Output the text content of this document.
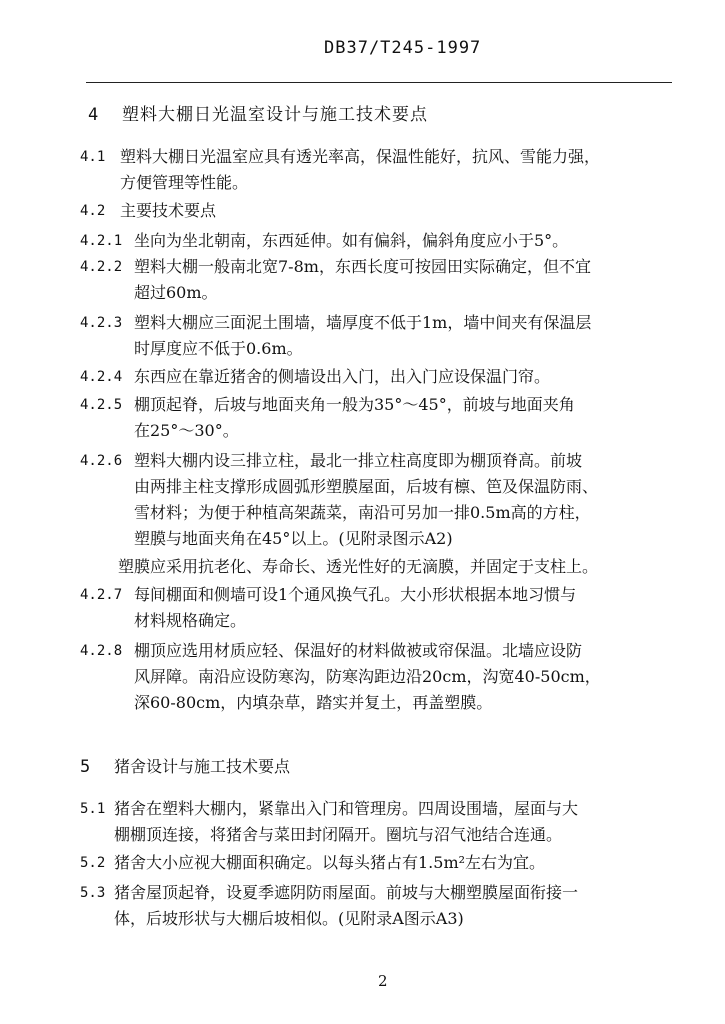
DB37/T245-1997
4 塑料大棚日光温室设计与施工技术要点
4.1 塑料大棚日光温室应具有透光率高，保温性能好，抗风、雪能力强，
方便管理等性能。
4.2 主要技术要点
4.2.1 坐向为坐北朝南，东西延伸。如有偏斜，偏斜角度应小于5°。
4.2.2 塑料大棚一般南北宽7-8m，东西长度可按园田实际确定，但不宜
超过60m。
4.2.3 塑料大棚应三面泥土围墙，墙厚度不低于1m，墙中间夹有保温层
时厚度应不低于0.6m。
4.2.4 东西应在靠近猪舍的侧墙设出入门，出入门应设保温门帘。
4.2.5 棚顶起脊，后坡与地面夹角一般为35°～45°，前坡与地面夹角
在25°～30°。
4.2.6 塑料大棚内设三排立柱，最北一排立柱高度即为棚顶脊高。前坡
由两排主柱支撑形成圆弧形塑膜屋面，后坡有檩、笆及保温防雨、
雪材料；为便于种植高架蔬菜，南沿可另加一排0.5m高的方柱，
塑膜与地面夹角在45°以上。(见附录图示A2)
塑膜应采用抗老化、寿命长、透光性好的无滴膜，并固定于支柱上。
4.2.7 每间棚面和侧墙可设1个通风换气孔。大小形状根据本地习惯与
材料规格确定。
4.2.8 棚顶应选用材质应轻、保温好的材料做被或帘保温。北墙应设防
风屏障。南沿应设防寒沟，防寒沟距边沿20cm，沟宽40-50cm，
深60-80cm，内填杂草，踏实并复土，再盖塑膜。
5 猪舍设计与施工技术要点
5.1 猪舍在塑料大棚内，紧靠出入门和管理房。四周设围墙，屋面与大
棚棚顶连接，将猪舍与菜田封闭隔开。圈坑与沼气池结合连通。
5.2 猪舍大小应视大棚面积确定。以每头猪占有1.5m²左右为宜。
5.3 猪舍屋顶起脊，设夏季遮阴防雨屋面。前坡与大棚塑膜屋面衔接一
体，后坡形状与大棚后坡相似。(见附录A图示A3)
2
